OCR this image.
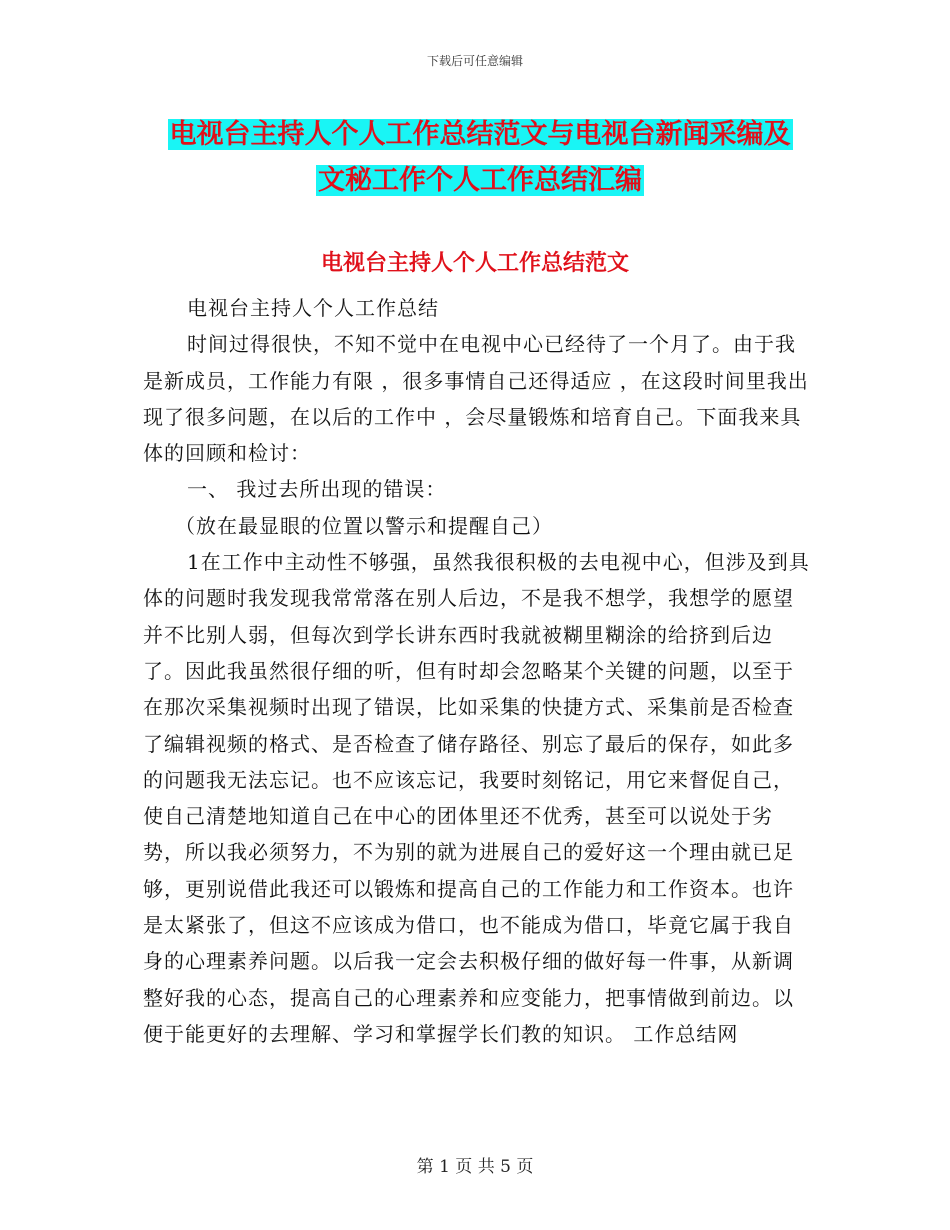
下载后可任意编辑
电视台主持人个人工作总结范文与电视台新闻采编及
文秘工作个人工作总结汇编
电视台主持人个人工作总结范文

电视台主持人个人工作总结

时间过得很快，不知不觉中在电视中心已经待了一个月了。由于我是新成员，工作能力有限 ，很多事情自己还得适应 ，在这段时间里我出现了很多问题，在以后的工作中 ，会尽量锻炼和培育自己。下面我来具体的回顾和检讨：

一、 我过去所出现的错误：

（放在最显眼的位置以警示和提醒自己）

1在工作中主动性不够强，虽然我很积极的去电视中心，但涉及到具体的问题时我发现我常常落在别人后边，不是我不想学，我想学的愿望并不比别人弱，但每次到学长讲东西时我就被糊里糊涂的给挤到后边了。因此我虽然很仔细的听，但有时却会忽略某个关键的问题，以至于在那次采集视频时出现了错误，比如采集的快捷方式、采集前是否检查了编辑视频的格式、是否检查了储存路径、别忘了最后的保存，如此多的问题我无法忘记。也不应该忘记，我要时刻铭记，用它来督促自己，使自己清楚地知道自己在中心的团体里还不优秀，甚至可以说处于劣势，所以我必须努力，不为别的就为进展自己的爱好这一个理由就已足够，更别说借此我还可以锻炼和提高自己的工作能力和工作资本。也许是太紧张了，但这不应该成为借口，也不能成为借口，毕竟它属于我自身的心理素养问题。以后我一定会去积极仔细的做好每一件事，从新调整好我的心态，提高自己的心理素养和应变能力，把事情做到前边。以便于能更好的去理解、学习和掌握学长们教的知识。 工作总结网

第 1 页 共 5 页
